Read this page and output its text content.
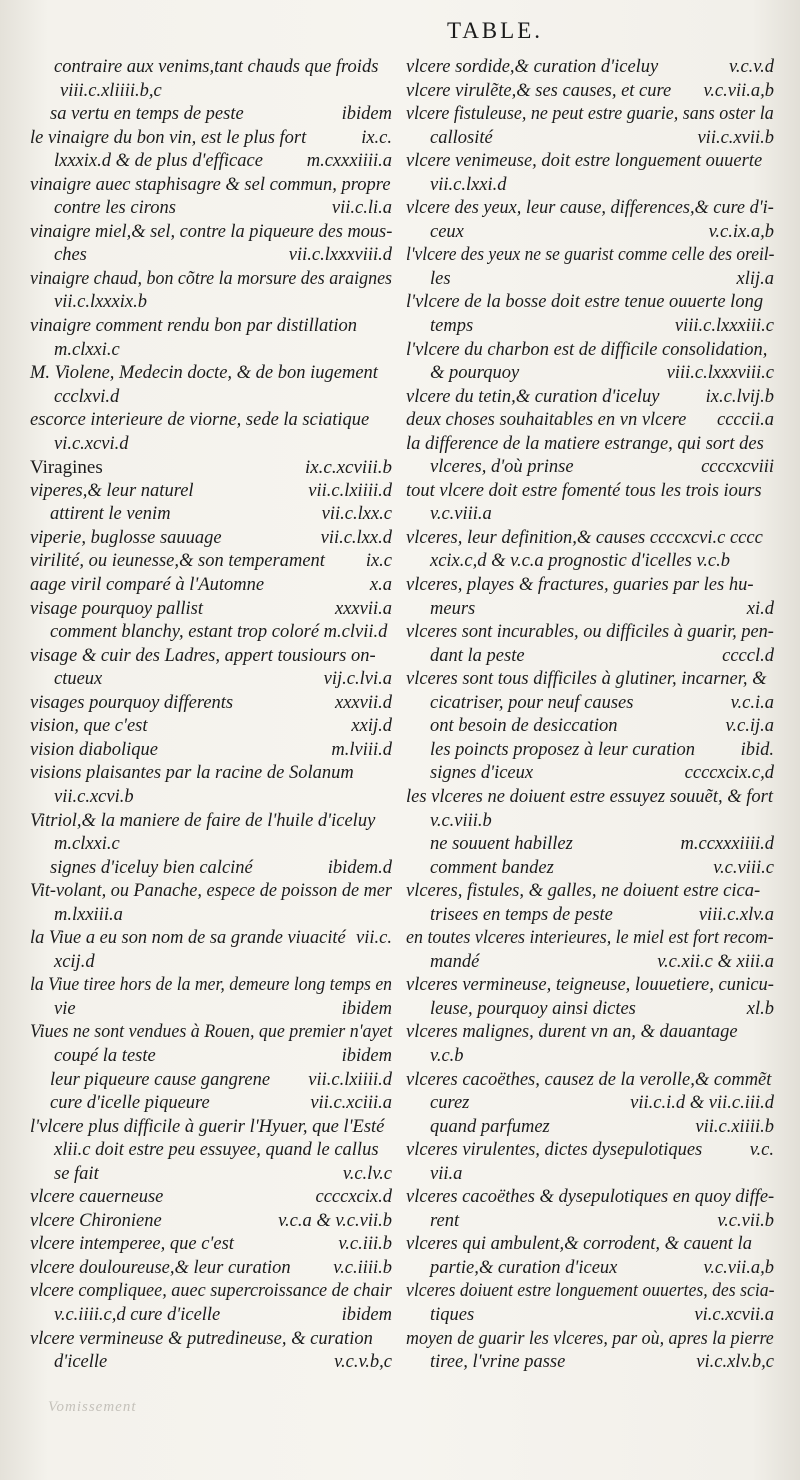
TABLE.
contraire aux venims,tant chauds que froids
viii.c.xliiii.b,c
sa vertu en temps de peste	ibidem
le vinaigre du bon vin, est le plus fort	ix.c.
lxxxix.d & de plus d'efficace m.cxxxiiii.a
vinaigre auec staphisagre & sel commun, propre
contre les cirons	vii.c.li.a
vinaigre miel,& sel, contre la piqueure des mous-
ches	vii.c.lxxxviii.d
vinaigre chaud, bon cõtre la morsure des araignes
vii.c.lxxxix.b
vinaigre comment rendu bon par distillation
m.clxxi.c
M. Violene, Medecin docte, & de bon iugement
ccclxvi.d
escorce interieure de viorne, sede la sciatique
vi.c.xcvi.d
Viragines	ix.c.xcviii.b
viperes,& leur naturel	vii.c.lxiiii.d
attirent le venim	vii.c.lxx.c
viperie, buglosse sauuage	vii.c.lxx.d
virilité, ou ieunesse,& son temperament ix.c
aage viril comparé à l'Automne	x.a
visage pourquoy pallist	xxxvii.a
comment blanchy, estant trop coloré m.clvii.d
visage & cuir des Ladres, appert tousiours on-
ctueux	vij.c.lvi.a
visages pourquoy differents	xxxvii.d
vision, que c'est	xxij.d
vision diabolique	m.lviii.d
visions plaisantes par la racine de Solanum
vii.c.xcvi.b
Vitriol,& la maniere de faire de l'huile d'iceluy
m.clxxi.c
signes d'iceluy bien calciné	ibidem.d
Vit-volant, ou Panache, espece de poisson de mer
m.lxxiii.a
la Viue a eu son nom de sa grande viuacité vii.c.
xcij.d
la Viue tiree hors de la mer, demeure long temps en
vie	ibidem
Viues ne sont vendues à Rouen, que premier n'ayet
coupé la teste	ibidem
leur piqueure cause gangrene vii.c.lxiiii.d
cure d'icelle piqueure	vii.c.xciii.a
l'vlcere plus difficile à guerir l'Hyuer, que l'Esté
xlii.c doit estre peu essuyee, quand le callus
se fait	v.c.lv.c
vlcere cauerneuse	ccccxcix.d
vlcere Chironiene	v.c.a & v.c.vii.b
vlcere intemperee, que c'est	v.c.iii.b
vlcere douloureuse,& leur curation v.c.iiii.b
vlcere compliquee, auec supercroissance de chair
v.c.iiii.c,d cure d'icelle	ibidem
vlcere vermineuse & putredineuse, & curation
d'icelle	v.c.v.b,c
vlcere sordide,& curation d'iceluy	v.c.v.d
vlcere virulẽte,& ses causes, et cure v.c.vii.a,b
vlcere fistuleuse, ne peut estre guarie, sans oster la
callosité	vii.c.xvii.b
vlcere venimeuse, doit estre longuement ouuerte
vii.c.lxxi.d
vlcere des yeux, leur cause, differences,& cure d'i-
ceux	v.c.ix.a,b
l'vlcere des yeux ne se guarist comme celle des oreil-
les	xlij.a
l'vlcere de la bosse doit estre tenue ouuerte long
temps	viii.c.lxxxiii.c
l'vlcere du charbon est de difficile consolidation,
& pourquoy	viii.c.lxxxviii.c
vlcere du tetin,& curation d'iceluy ix.c.lvij.b
deux choses souhaitables en vn vlcere ccccii.a
la difference de la matiere estrange, qui sort des
vlceres, d'où prinse	ccccxcviii
tout vlcere doit estre fomenté tous les trois iours
v.c.viii.a
vlceres, leur definition,& causes ccccxcvi.c cccc
xcix.c,d & v.c.a prognostic d'icelles v.c.b
vlceres, playes & fractures, guaries par les hu-
meurs	xi.d
vlceres sont incurables, ou difficiles à guarir, pen-
dant la peste	ccccl.d
vlceres sont tous difficiles à glutiner, incarner, &
cicatriser, pour neuf causes	v.c.i.a
ont besoin de desiccation	v.c.ij.a
les poincts proposez à leur curation ibid.
signes d'iceux	ccccxcix.c,d
les vlceres ne doiuent estre essuyez souuẽt, & fort
v.c.viii.b
ne souuent habillez	m.ccxxxiiii.d
comment bandez	v.c.viii.c
vlceres, fistules, & galles, ne doiuent estre cica-
trisees en temps de peste	viii.c.xlv.a
en toutes vlceres interieures, le miel est fort recom-
mandé	v.c.xii.c & xiii.a
vlceres vermineuse, teigneuse, louuetiere, cunicu-
leuse, pourquoy ainsi dictes	xl.b
vlceres malignes, durent vn an, & dauantage
v.c.b
vlceres cacoëthes, causez de la verolle,& commẽt
curez	vii.c.i.d & vii.c.iii.d
quand parfumez	vii.c.xiiii.b
vlceres virulentes, dictes dysepulotiques	v.c.
vii.a
vlceres cacoëthes & dysepulotiques en quoy diffe-
rent	v.c.vii.b
vlceres qui ambulent,& corrodent, & cauent la
partie,& curation d'iceux	v.c.vii.a,b
vlceres doiuent estre longuement ouuertes, des scia-
tiques	vi.c.xcvii.a
moyen de guarir les vlceres, par où, apres la pierre
tiree, l'vrine passe	vi.c.xlv.b,c
Vomissement
